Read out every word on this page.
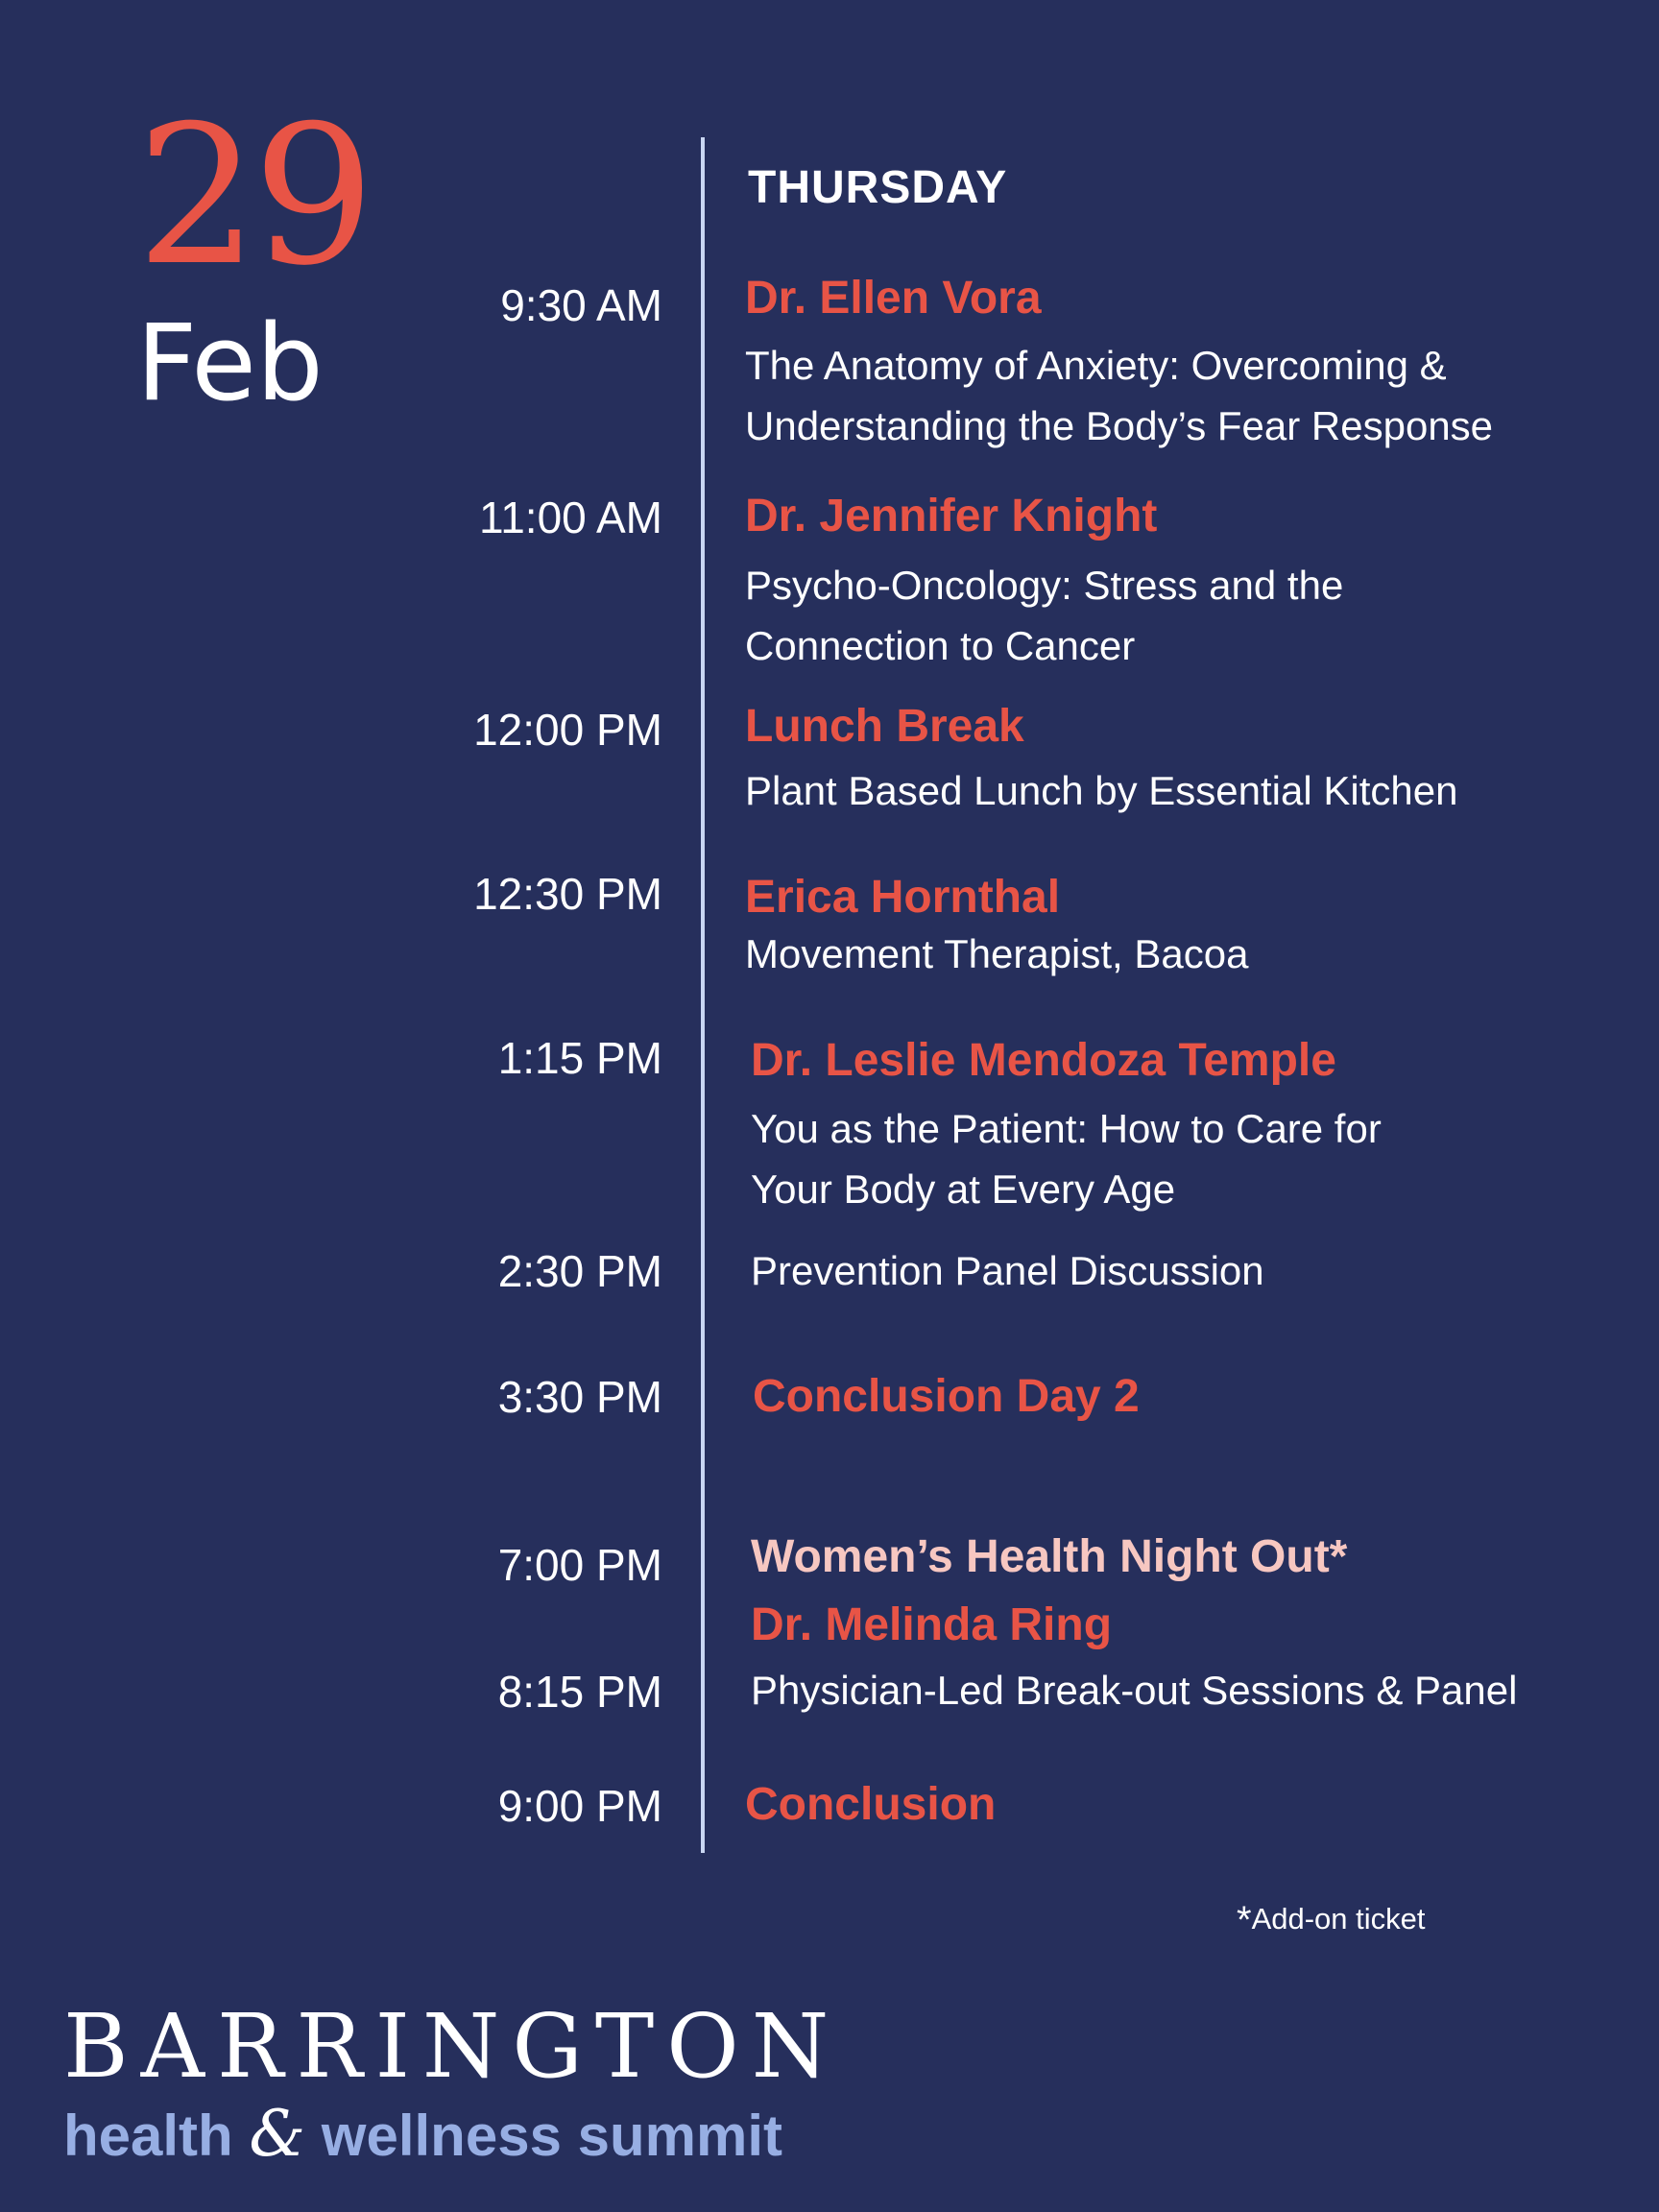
29
Feb
THURSDAY
9:30 AM Dr. Ellen Vora
The Anatomy of Anxiety: Overcoming &
Understanding the Body’s Fear Response
11:00 AM Dr. Jennifer Knight
Psycho-Oncology: Stress and the
Connection to Cancer
12:00 PM Lunch Break
Plant Based Lunch by Essential Kitchen
12:30 PM Erica Hornthal
Movement Therapist, Bacoa
1:15 PM Dr. Leslie Mendoza Temple
You as the Patient: How to Care for
Your Body at Every Age
2:30 PM Prevention Panel Discussion
3:30 PM Conclusion Day 2
7:00 PM Women’s Health Night Out*
8:15 PM
Dr. Melinda Ring
Physician-Led Break-out Sessions & Panel
9:00 PM Conclusion
*Add-on ticket
BARRINGTON
health & wellness summit
